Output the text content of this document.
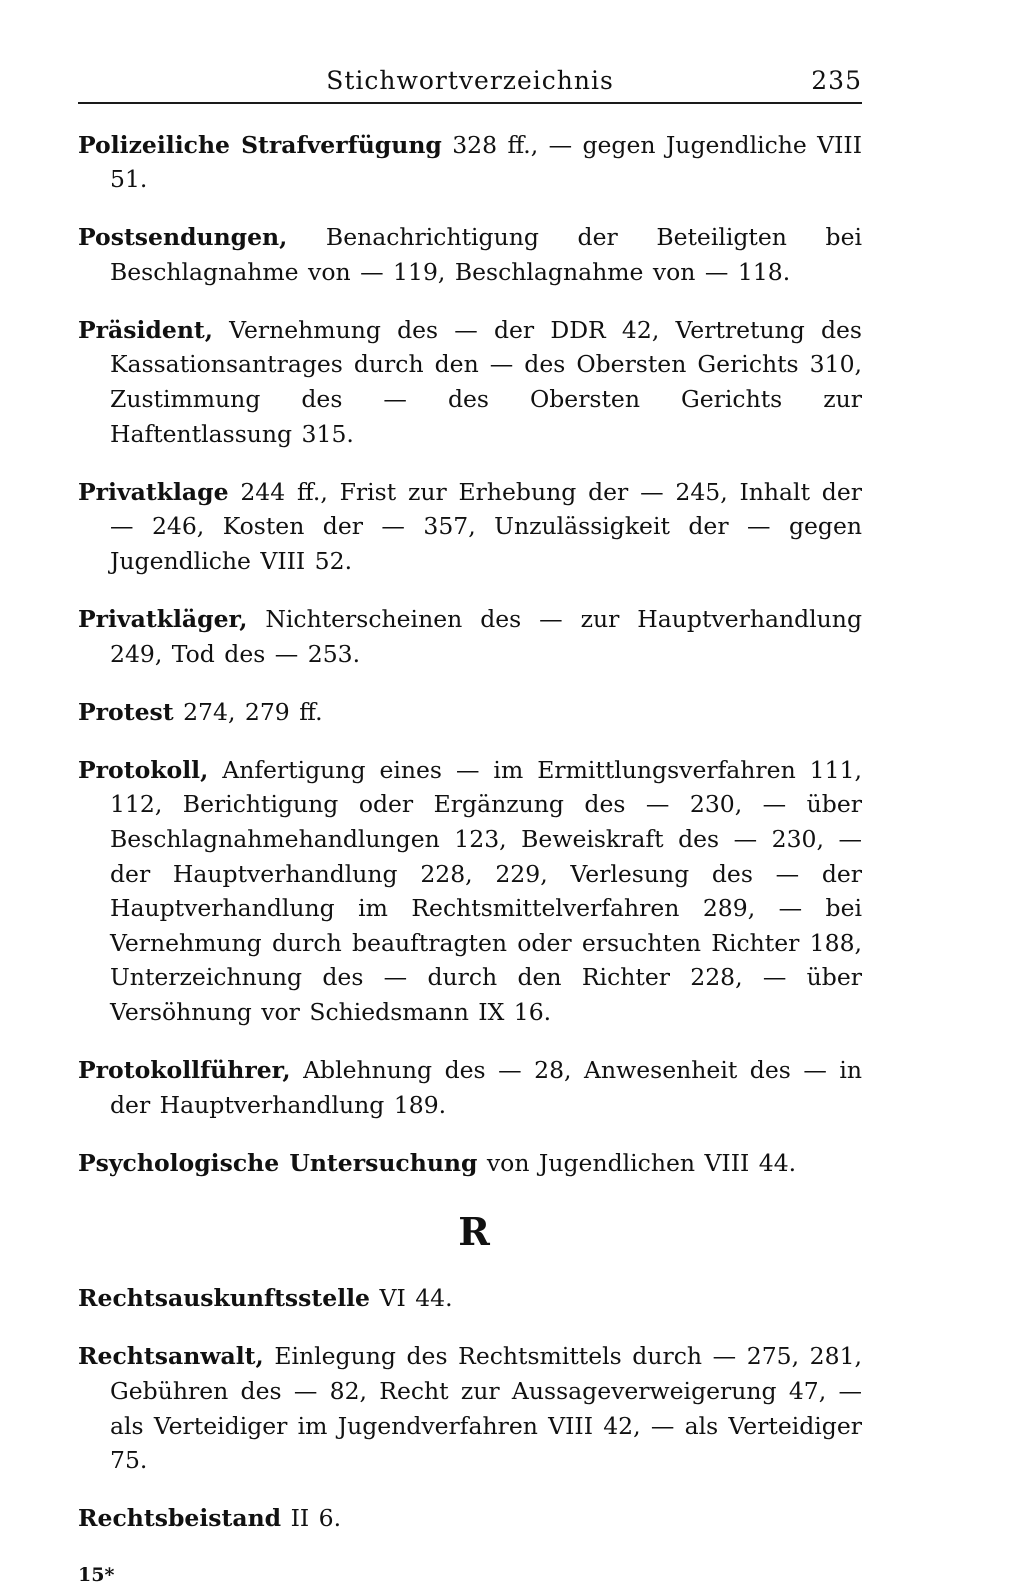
Stichwortverzeichnis	235

Polizeiliche Strafverfügung 328 ff., — gegen Jugendliche VIII 51.

Postsendungen, Benachrichtigung der Beteiligten bei Beschlagnahme von — 119, Beschlagnahme von — 118.

Präsident, Vernehmung des — der DDR 42, Vertretung des Kassationsantrages durch den — des Obersten Gerichts 310, Zustimmung des — des Obersten Gerichts zur Haftentlassung 315.

Privatklage 244 ff., Frist zur Erhebung der — 245, Inhalt der — 246, Kosten der — 357, Unzulässigkeit der — gegen Jugendliche VIII 52.

Privatkläger, Nichterscheinen des — zur Hauptverhandlung 249, Tod des — 253.

Protest 274, 279 ff.

Protokoll, Anfertigung eines — im Ermittlungsverfahren 111, 112, Berichtigung oder Ergänzung des — 230, — über Beschlagnahmehandlungen 123, Beweiskraft des — 230, — der Hauptverhandlung 228, 229, Verlesung des — der Hauptverhandlung im Rechtsmittelverfahren 289, — bei Vernehmung durch beauftragten oder ersuchten Richter 188, Unterzeichnung des — durch den Richter 228, — über Versöhnung vor Schiedsmann IX 16.

Protokollführer, Ablehnung des — 28, Anwesenheit des — in der Hauptverhandlung 189.

Psychologische Untersuchung von Jugendlichen VIII 44.

R

Rechtsauskunftsstelle VI 44.

Rechtsanwalt, Einlegung des Rechtsmittels durch — 275, 281, Gebühren des — 82, Recht zur Aussageverweigerung 47, — als Verteidiger im Jugendverfahren VIII 42, — als Verteidiger 75.

Rechtsbeistand II 6.

15*
